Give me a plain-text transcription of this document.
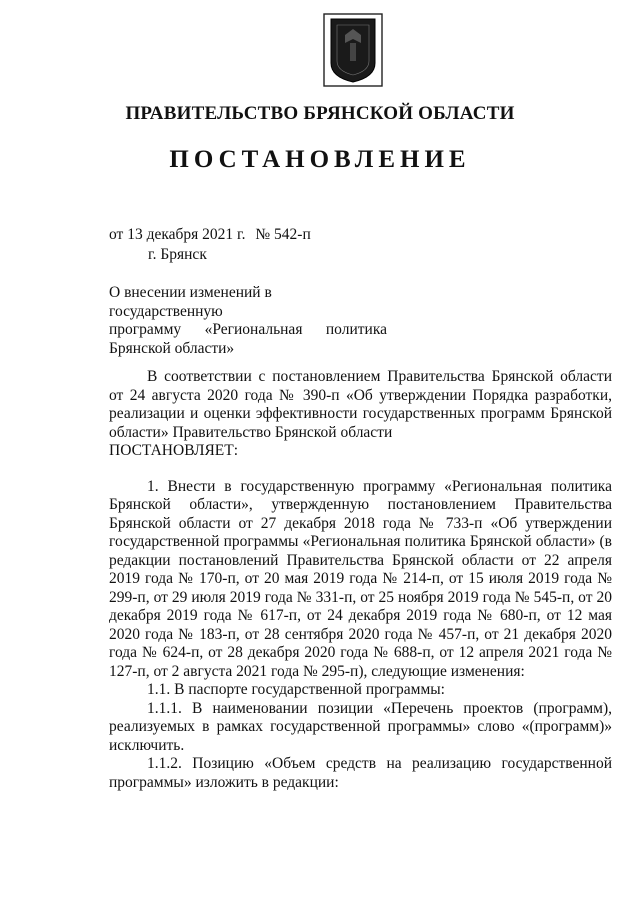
ПРАВИТЕЛЬСТВО БРЯНСКОЙ ОБЛАСТИ
ПОСТАНОВЛЕНИЕ
от 13 декабря 2021 г. № 542-п
г. Брянск
О внесении изменений в государственную
программу «Региональная политика
Брянской области»
В соответствии с постановлением Правительства Брянской области от 24 августа 2020 года № 390-п «Об утверждении Порядка разработки, реализации и оценки эффективности государственных программ Брянской области» Правительство Брянской области
ПОСТАНОВЛЯЕТ:
1. Внести в государственную программу «Региональная политика Брянской области», утвержденную постановлением Правительства Брянской области от 27 декабря 2018 года № 733-п «Об утверждении государственной программы «Региональная политика Брянской области» (в редакции постановлений Правительства Брянской области от 22 апреля 2019 года № 170-п, от 20 мая 2019 года № 214-п, от 15 июля 2019 года № 299-п, от 29 июля 2019 года № 331-п, от 25 ноября 2019 года № 545-п, от 20 декабря 2019 года № 617-п, от 24 декабря 2019 года № 680-п, от 12 мая 2020 года № 183-п, от 28 сентября 2020 года № 457-п, от 21 декабря 2020 года № 624-п, от 28 декабря 2020 года № 688-п, от 12 апреля 2021 года № 127-п, от 2 августа 2021 года № 295-п), следующие изменения:
1.1. В паспорте государственной программы:
1.1.1. В наименовании позиции «Перечень проектов (программ), реализуемых в рамках государственной программы» слово «(программ)» исключить.
1.1.2. Позицию «Объем средств на реализацию государственной программы» изложить в редакции:
